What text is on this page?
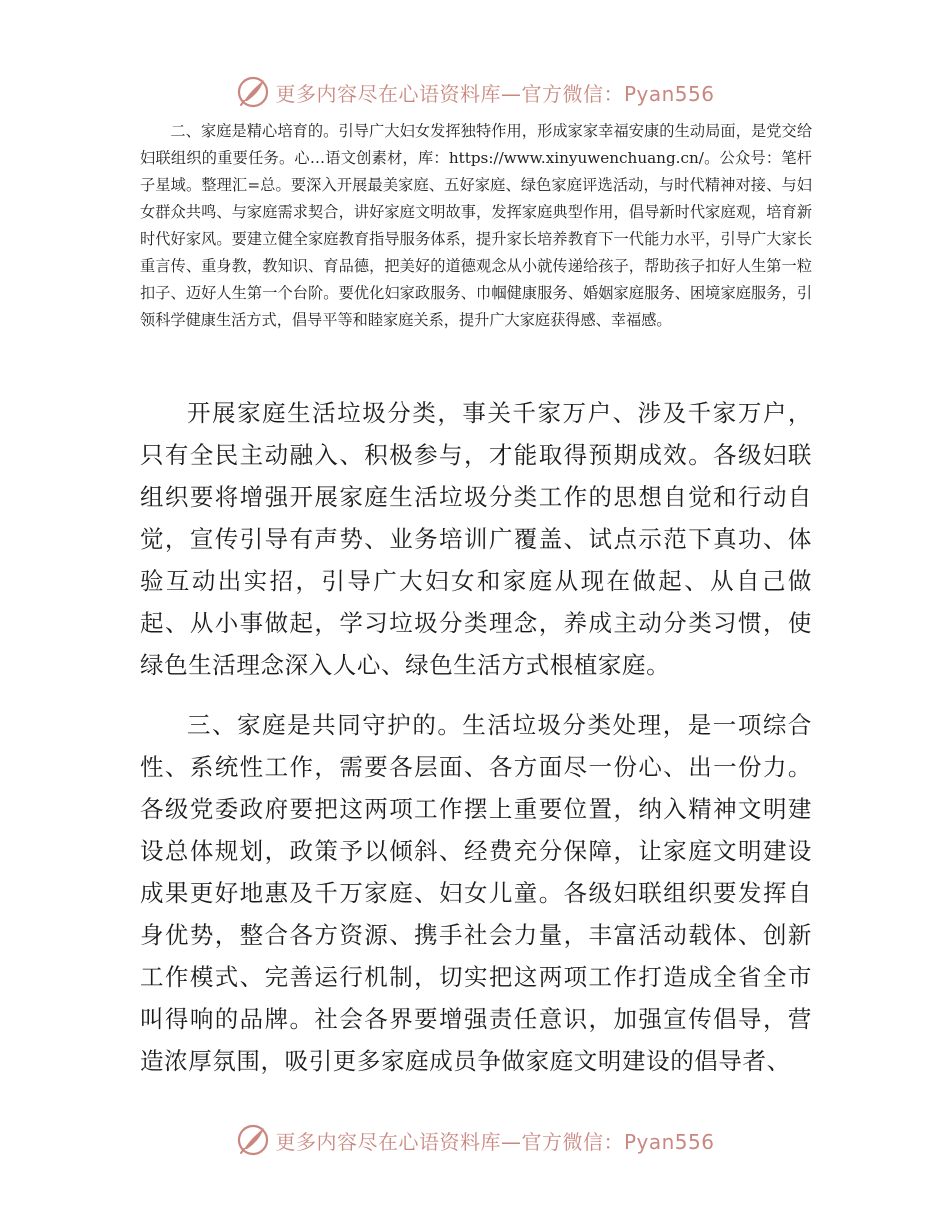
更多内容尽在心语资料库—官方微信：Pyan556

二、家庭是精心培育的。引导广大妇女发挥独特作用，形成家家幸福安康的生动局面，是党交给妇联组织的重要任务。心…语文创素材，库：https://www.xinyuwenchuang.cn/。公众号：笔杆子星域。整理汇=总。要深入开展最美家庭、五好家庭、绿色家庭评选活动，与时代精神对接、与妇女群众共鸣、与家庭需求契合，讲好家庭文明故事，发挥家庭典型作用，倡导新时代家庭观，培育新时代好家风。要建立健全家庭教育指导服务体系，提升家长培养教育下一代能力水平，引导广大家长重言传、重身教，教知识、育品德，把美好的道德观念从小就传递给孩子，帮助孩子扣好人生第一粒扣子、迈好人生第一个台阶。要优化妇家政服务、巾帼健康服务、婚姻家庭服务、困境家庭服务，引领科学健康生活方式，倡导平等和睦家庭关系，提升广大家庭获得感、幸福感。

开展家庭生活垃圾分类，事关千家万户、涉及千家万户，只有全民主动融入、积极参与，才能取得预期成效。各级妇联组织要将增强开展家庭生活垃圾分类工作的思想自觉和行动自觉，宣传引导有声势、业务培训广覆盖、试点示范下真功、体验互动出实招，引导广大妇女和家庭从现在做起、从自己做起、从小事做起，学习垃圾分类理念，养成主动分类习惯，使绿色生活理念深入人心、绿色生活方式根植家庭。

三、家庭是共同守护的。生活垃圾分类处理，是一项综合性、系统性工作，需要各层面、各方面尽一份心、出一份力。各级党委政府要把这两项工作摆上重要位置，纳入精神文明建设总体规划，政策予以倾斜、经费充分保障，让家庭文明建设成果更好地惠及千万家庭、妇女儿童。各级妇联组织要发挥自身优势，整合各方资源、携手社会力量，丰富活动载体、创新工作模式、完善运行机制，切实把这两项工作打造成全省全市叫得响的品牌。社会各界要增强责任意识，加强宣传倡导，营造浓厚氛围，吸引更多家庭成员争做家庭文明建设的倡导者、

更多内容尽在心语资料库—官方微信：Pyan556
